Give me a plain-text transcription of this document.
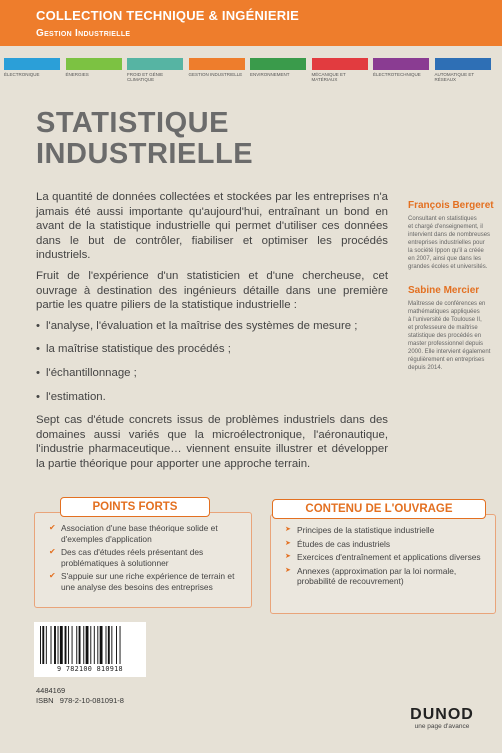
COLLECTION TECHNIQUE & INGÉNIERIE
Gestion Industrielle
ÉLECTRONIQUE	ÉNERGIES	FROID ET GÉNIE CLIMATIQUE
GESTION INDUSTRIELLE	ENVIRONNEMENT	MÉCANIQUE ET MATÉRIAUX
ÉLECTROTECHNIQUE	AUTOMATIQUE ET RÉSEAUX
STATISTIQUE
INDUSTRIELLE

La quantité de données collectées et stockées par les entreprises n'a jamais été aussi importante qu'aujourd'hui, entraînant un bond en avant de la statistique industrielle qui permet d'utiliser ces données dans le but de contrôler, fiabiliser et optimiser les procédés industriels.

Fruit de l'expérience d'un statisticien et d'une chercheuse, cet ouvrage à destination des ingénieurs détaille dans une première partie les quatre piliers de la statistique industrielle :

• l'analyse, l'évaluation et la maîtrise des systèmes de mesure ;
• la maîtrise statistique des procédés ;
• l'échantillonnage ;
• l'estimation.

Sept cas d'étude concrets issus de problèmes industriels dans des domaines aussi variés que la microélectronique, l'aéronautique, l'industrie pharmaceutique… viennent ensuite illustrer et développer la partie théorique pour apporter une approche terrain.

François Bergeret
Consultant en statistiques
et chargé d'enseignement, il
intervient dans de nombreuses
entreprises industrielles pour
la société Ippon qu'il a créée
en 2007, ainsi que dans les
grandes écoles et universités.
Sabine Mercier
Maîtresse de conférences en
mathématiques appliquées
à l'université de Toulouse II,
et professeure de maîtrise
statistique des procédés en
master professionnel depuis
2000. Elle intervient également
régulièrement en entreprises
depuis 2014.
✔ Association d'une base théorique solide et d'exemples d'application
✔ Des cas d'études réels présentant des problématiques à solutionner
✔ S'appuie sur une riche expérience de terrain et une analyse des besoins des entreprises
POINTS FORTS
➤ Principes de la statistique industrielle
➤ Études de cas industriels
➤ Exercices d'entraînement et applications diverses
➤ Annexes (approximation par la loi normale, probabilité de recouvrement)
CONTENU DE L'OUVRAGE
9 782100 810918
4484169
ISBN   978-2-10-081091-8
DUNOD
une page d'avance
